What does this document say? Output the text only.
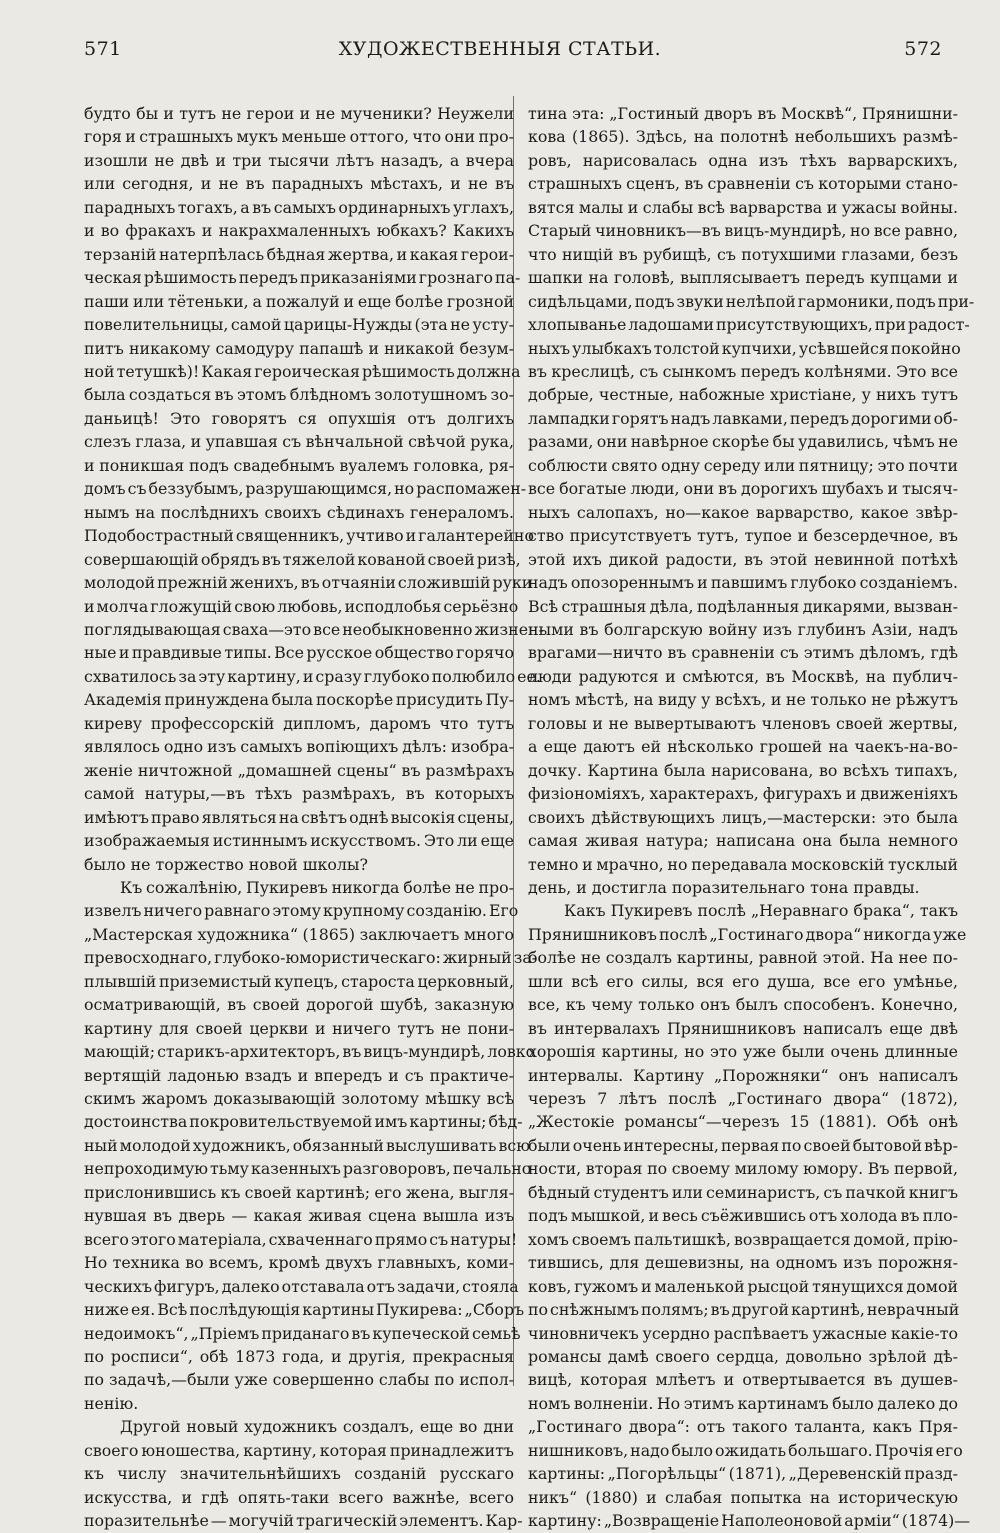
571	ХУДОЖЕСТВЕННЫЯ СТАТЬИ.	572
будто бы и тутъ не герои и не мученики? Неужели
горя и страшныхъ мукъ меньше оттого, что они про-
изошли не двѣ и три тысячи лѣтъ назадъ, а вчера
или сегодня, и не въ парадныхъ мѣстахъ, и не въ
парадныхъ тогахъ, а въ самыхъ ординарныхъ углахъ,
и во фракахъ и накрахмаленныхъ юбкахъ? Какихъ
терзанiй натерпѣлась бѣдная жертва, и какая герои-
ческая рѣшимость передъ приказанiями грознаго па-
паши или тётеньки, а пожалуй и еще болѣе грозной
повелительницы, самой царицы-Нужды (эта не усту-
питъ никакому самодуру папашѣ и никакой безум-
ной тетушкѣ)! Какая героическая рѣшимость должна
была создаться въ этомъ блѣдномъ золотушномъ зо-
даньицѣ! Это говорятъ ся опухшiя отъ долгихъ
слезъ глаза, и упавшая съ вѣнчальной свѣчой рука,
и поникшая подъ свадебнымъ вуалемъ головка, ря-
домъ съ беззубымъ, разрушающимся, но распомажен-
нымъ на послѣднихъ своихъ сѣдинахъ генераломъ.
Подобострастный священникъ, учтиво и галантерейно
совершающiй обрядъ въ тяжелой кованой своей ризѣ,
молодой прежнiй женихъ, въ отчаянiи сложившiй руки
и молча гложущiй свою любовь, исподлобья серьёзно
поглядывающая сваха—это все необыкновенно жизнен-
ные и правдивые типы. Все русское общество горячо
схватилось за эту картину, и сразу глубоко полюбило ее.
Академiя принуждена была поскорѣе присудить Пу-
киреву профессорскiй дипломъ, даромъ что тутъ
являлось одно изъ самыхъ вопiющихъ дѣлъ: изобра-
женiе ничтожной „домашней сцены“ въ размѣрахъ
самой натуры,—въ тѣхъ размѣрахъ, въ которыхъ
имѣютъ право являться на свѣтъ однѣ высокiя сцены,
изображаемыя истиннымъ искусствомъ. Это ли еще
было не торжество новой школы?
Къ сожалѣнiю, Пукиревъ никогда болѣе не про-
извелъ ничего равнаго этому крупному созданiю. Его
„Мастерская художника“ (1865) заключаетъ много
превосходнаго, глубоко-юмористическаго: жирный за-
плывшiй приземистый купецъ, староста церковный,
осматривающiй, въ своей дорогой шубѣ, заказную
картину для своей церкви и ничего тутъ не пони-
мающiй; старикъ-архитекторъ, въ вицъ-мундирѣ, ловко
вертящiй ладонью взадъ и впередъ и съ практиче-
скимъ жаромъ доказывающiй золотому мѣшку всѣ
достоинства покровительствуемой имъ картины; бѣд-
ный молодой художникъ, обязанный выслушивать всю
непроходимую тьму казенныхъ разговоровъ, печально
прислонившись къ своей картинѣ; его жена, выгля-
нувшая въ дверь — какая живая сцена вышла изъ
всего этого матерiала, схваченнаго прямо съ натуры!
Но техника во всемъ, кромѣ двухъ главныхъ, коми-
ческихъ фигуръ, далеко отставала отъ задачи, стояла
ниже ея. Всѣ послѣдующiя картины Пукирева: „Сборъ
недоимокъ“, „Прiемъ приданаго въ купеческой семьѣ
по росписи“, обѣ 1873 года, и другiя, прекрасныя
по задачѣ,—были уже совершенно слабы по испол-
ненiю.
Другой новый художникъ создалъ, еще во дни
своего юношества, картину, которая принадлежитъ
къ числу значительнѣйшихъ созданiй русскаго
искусства, и гдѣ опять-таки всего важнѣе, всего
поразительнѣе — могучiй трагическiй элементъ. Кар-
тина эта: „Гостиный дворъ въ Москвѣ“, Прянишни-
кова (1865). Здѣсь, на полотнѣ небольшихъ размѣ-
ровъ, нарисовалась одна изъ тѣхъ варварскихъ,
страшныхъ сценъ, въ сравненiи съ которыми стано-
вятся малы и слабы всѣ варварства и ужасы войны.
Старый чиновникъ—въ вицъ-мундирѣ, но все равно,
что нищiй въ рубищѣ, съ потухшими глазами, безъ
шапки на головѣ, выплясываетъ передъ купцами и
сидѣльцами, подъ звуки нелѣпой гармоники, подъ при-
хлопыванье ладошами присутствующихъ, при радост-
ныхъ улыбкахъ толстой купчихи, усѣвшейся покойно
въ креслицѣ, съ сынкомъ передъ колѣнями. Это все
добрые, честные, набожные христiане, у нихъ тутъ
лампадки горятъ надъ лавками, передъ дорогими об-
разами, они навѣрное скорѣе бы удавились, чѣмъ не
соблюсти свято одну середу или пятницу; это почти
все богатые люди, они въ дорогихъ шубахъ и тысяч-
ныхъ салопахъ, но—какое варварство, какое звѣр-
ство присутствуетъ тутъ, тупое и безсердечное, въ
этой ихъ дикой радости, въ этой невинной потѣхѣ
надъ опозореннымъ и павшимъ глубоко созданiемъ.
Всѣ страшныя дѣла, подѣланныя дикарями, вызван-
ными въ болгарскую войну изъ глубинъ Азiи, надъ
врагами—ничто въ сравненiи съ этимъ дѣломъ, гдѣ
люди радуются и смѣются, въ Москвѣ, на публич-
номъ мѣстѣ, на виду у всѣхъ, и не только не рѣжутъ
головы и не вывертываютъ членовъ своей жертвы,
а еще даютъ ей нѣсколько грошей на чаекъ-на-во-
дочку. Картина была нарисована, во всѣхъ типахъ,
физiономiяхъ, характерахъ, фигурахъ и движенiяхъ
своихъ дѣйствующихъ лицъ,—мастерски: это была
самая живая натура; написана она была немного
темно и мрачно, но передавала московскiй тусклый
день, и достигла поразительнаго тона правды.
Какъ Пукиревъ послѣ „Неравнаго брака“, такъ
Прянишниковъ послѣ „Гостинаго двора“ никогда уже
болѣе не создалъ картины, равной этой. На нее по-
шли всѣ его силы, вся его душа, все его умѣнье,
все, къ чему только онъ былъ способенъ. Конечно,
въ интервалахъ Прянишниковъ написалъ еще двѣ
хорошiя картины, но это уже были очень длинные
интервалы. Картину „Порожняки“ онъ написалъ
черезъ 7 лѣтъ послѣ „Гостинаго двора“ (1872),
„Жестокiе романсы“—черезъ 15 (1881). Обѣ онѣ
были очень интересны, первая по своей бытовой вѣр-
ности, вторая по своему милому юмору. Въ первой,
бѣдный студентъ или семинаристъ, съ пачкой книгъ
подъ мышкой, и весь съёжившись отъ холода въ пло-
хомъ своемъ пальтишкѣ, возвращается домой, прiю-
тившись, для дешевизны, на одномъ изъ порожня-
ковъ, гужомъ и маленькой рысцой тянущихся домой
по снѣжнымъ полямъ; въ другой картинѣ, неврачный
чиновничекъ усердно распѣваетъ ужасные какiе-то
романсы дамѣ своего сердца, довольно зрѣлой дѣ-
вицѣ, которая млѣетъ и отвертывается въ душев-
номъ волненiи. Но этимъ картинамъ было далеко до
„Гостинаго двора“: отъ такого таланта, какъ Пря-
нишниковъ, надо было ожидать большаго. Прочiя его
картины: „Погорѣльцы“ (1871), „Деревенскiй празд-
никъ“ (1880) и слабая попытка на историческую
картину: „Возвращенiе Наполеоновой армiи“ (1874)—
